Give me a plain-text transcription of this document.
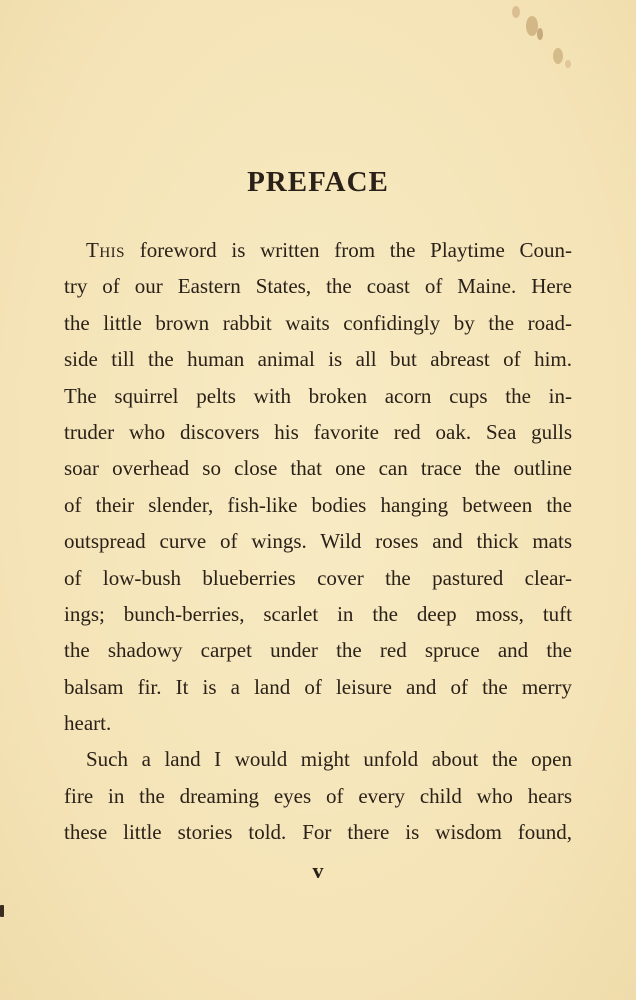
PREFACE
This foreword is written from the Playtime Coun-
try of our Eastern States, the coast of Maine. Here
the little brown rabbit waits confidingly by the road-
side till the human animal is all but abreast of him.
The squirrel pelts with broken acorn cups the in-
truder who discovers his favorite red oak. Sea gulls
soar overhead so close that one can trace the outline
of their slender, fish-like bodies hanging between the
outspread curve of wings. Wild roses and thick mats
of low-bush blueberries cover the pastured clear-
ings; bunch-berries, scarlet in the deep moss, tuft
the shadowy carpet under the red spruce and the
balsam fir. It is a land of leisure and of the merry
heart.
Such a land I would might unfold about the open
fire in the dreaming eyes of every child who hears
these little stories told. For there is wisdom found,
v
